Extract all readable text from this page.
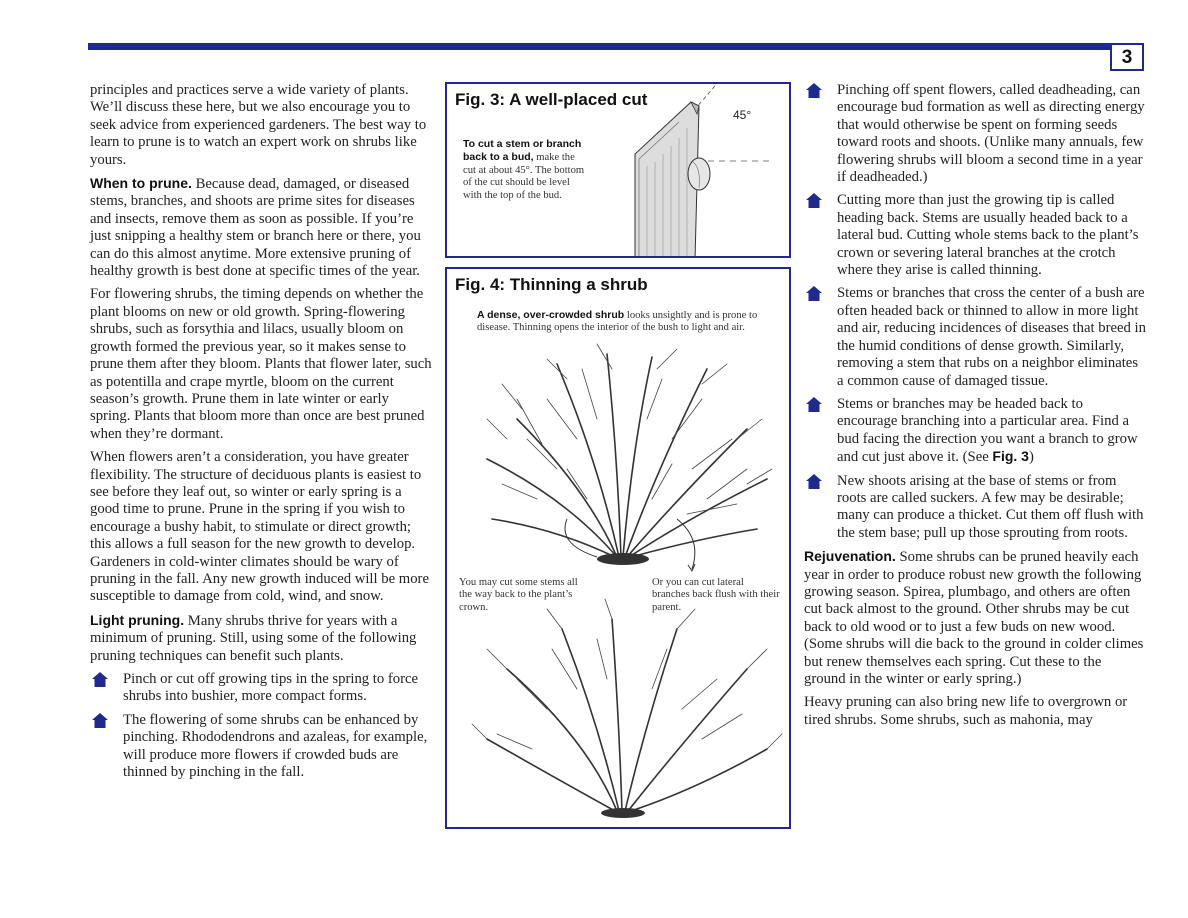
3

principles and practices serve a wide variety of plants. We’ll discuss these here, but we also encourage you to seek advice from experienced gardeners. The best way to learn to prune is to watch an expert work on shrubs like yours.

When to prune. Because dead, damaged, or diseased stems, branches, and shoots are prime sites for diseases and insects, remove them as soon as possible. If you’re just snipping a healthy stem or branch here or there, you can do this almost anytime. More extensive pruning of healthy growth is best done at specific times of the year.

For flowering shrubs, the timing depends on whether the plant blooms on new or old growth. Spring-flowering shrubs, such as forsythia and lilacs, usually bloom on growth formed the previous year, so it makes sense to prune them after they bloom. Plants that flower later, such as potentilla and crape myrtle, bloom on the current season’s growth. Prune them in late winter or early spring. Plants that bloom more than once are best pruned when they’re dormant.

When flowers aren’t a consideration, you have greater flexibility. The structure of deciduous plants is easiest to see before they leaf out, so winter or early spring is a good time to prune. Prune in the spring if you wish to encourage a bushy habit, to stimulate or direct growth; this allows a full season for the new growth to develop. Gardeners in cold-winter climates should be wary of pruning in the fall. Any new growth induced will be more susceptible to damage from cold, wind, and snow.

Light pruning. Many shrubs thrive for years with a minimum of pruning. Still, using some of the following pruning techniques can benefit such plants.

Pinch or cut off growing tips in the spring to force shrubs into bushier, more compact forms.
The flowering of some shrubs can be enhanced by pinching. Rhododendrons and azaleas, for example, will produce more flowers if crowded buds are thinned by pinching in the fall.
Fig. 3: A well-placed cut
To cut a stem or branch back to a bud, make the cut at about 45°. The bottom of the cut should be level with the top of the bud.
45°
Fig. 4: Thinning a shrub
A dense, over-crowded shrub looks unsightly and is prone to disease. Thinning opens the interior of the bush to light and air.
You may cut some stems all the way back to the plant’s crown.
Or you can cut lateral branches back flush with their parent.
Pinching off spent flowers, called deadheading, can encourage bud formation as well as directing energy that would otherwise be spent on forming seeds toward roots and shoots. (Unlike many annuals, few flowering shrubs will bloom a second time in a year if deadheaded.)
Cutting more than just the growing tip is called heading back. Stems are usually headed back to a lateral bud. Cutting whole stems back to the plant’s crown or severing lateral branches at the crotch where they arise is called thinning.
Stems or branches that cross the center of a bush are often headed back or thinned to allow in more light and air, reducing incidences of diseases that breed in the humid conditions of dense growth. Similarly, removing a stem that rubs on a neighbor eliminates a common cause of damaged tissue.
Stems or branches may be headed back to encourage branching into a particular area. Find a bud facing the direction you want a branch to grow and cut just above it. (See Fig. 3)
New shoots arising at the base of stems or from roots are called suckers. A few may be desirable; many can produce a thicket. Cut them off flush with the stem base; pull up those sprouting from roots.

Rejuvenation. Some shrubs can be pruned heavily each year in order to produce robust new growth the following growing season. Spirea, plumbago, and others are often cut back almost to the ground. Other shrubs may be cut back to old wood or to just a few buds on new wood. (Some shrubs will die back to the ground in colder climes but renew themselves each spring. Cut these to the ground in the winter or early spring.)

Heavy pruning can also bring new life to overgrown or tired shrubs. Some shrubs, such as mahonia, may
